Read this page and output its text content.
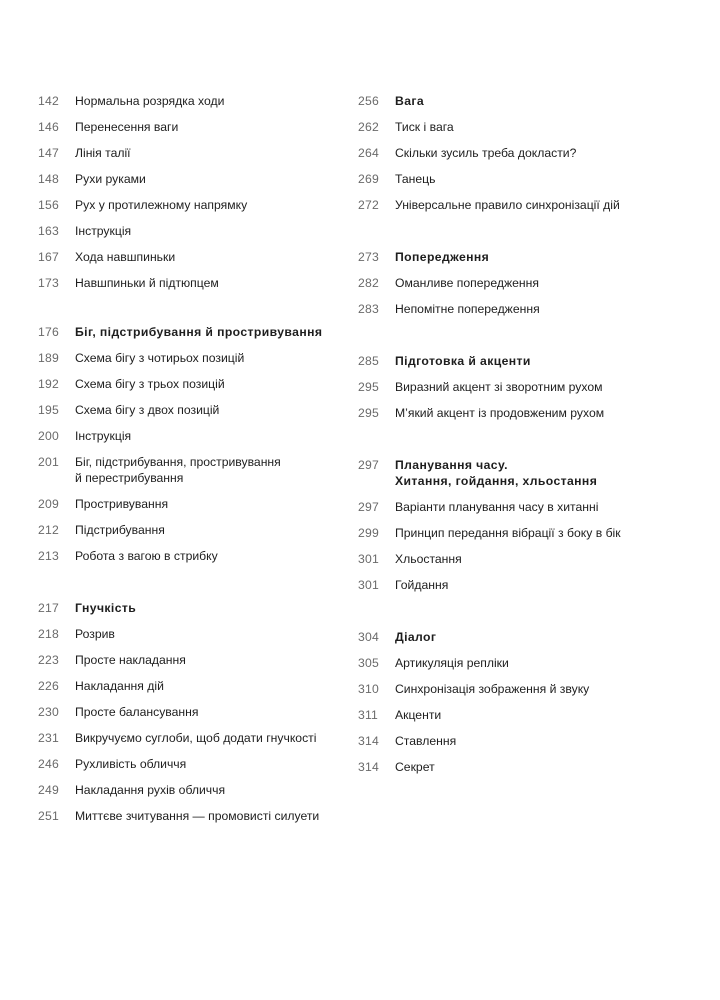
142	Нормальна розрядка ходи
146	Перенесення ваги
147	Лінія талії
148	Рухи руками
156	Рух у протилежному напрямку
163	Інструкція
167	Хода навшпиньки
173	Навшпиньки й підтюпцем
176	Біг, підстрибування й простривування
189	Схема бігу з чотирьох позицій
192	Схема бігу з трьох позицій
195	Схема бігу з двох позицій
200	Інструкція
201	Біг, підстрибування, простривування
й перестрибування
209	Простривування
212	Підстрибування
213	Робота з вагою в стрибку
217	Гнучкість
218	Розрив
223	Просте накладання
226	Накладання дій
230	Просте балансування
231	Викручуємо суглоби, щоб додати гнучкості
246	Рухливість обличчя
249	Накладання рухів обличчя
251	Миттєве зчитування — промовисті силуети
256	Вага
262	Тиск і вага
264	Скільки зусиль треба докласти?
269	Танець
272	Універсальне правило синхронізації дій
273	Попередження
282	Оманливе попередження
283	Непомітне попередження
285	Підготовка й акценти
295	Виразний акцент зі зворотним рухом
295	М’який акцент із продовженим рухом
297	Планування часу.
Хитання, гойдання, хльостання
297	Варіанти планування часу в хитанні
299	Принцип передання вібрації з боку в бік
301	Хльостання
301	Гойдання
304	Діалог
305	Артикуляція репліки
310	Синхронізація зображення й звуку
311	Акценти
314	Ставлення
314	Секрет
